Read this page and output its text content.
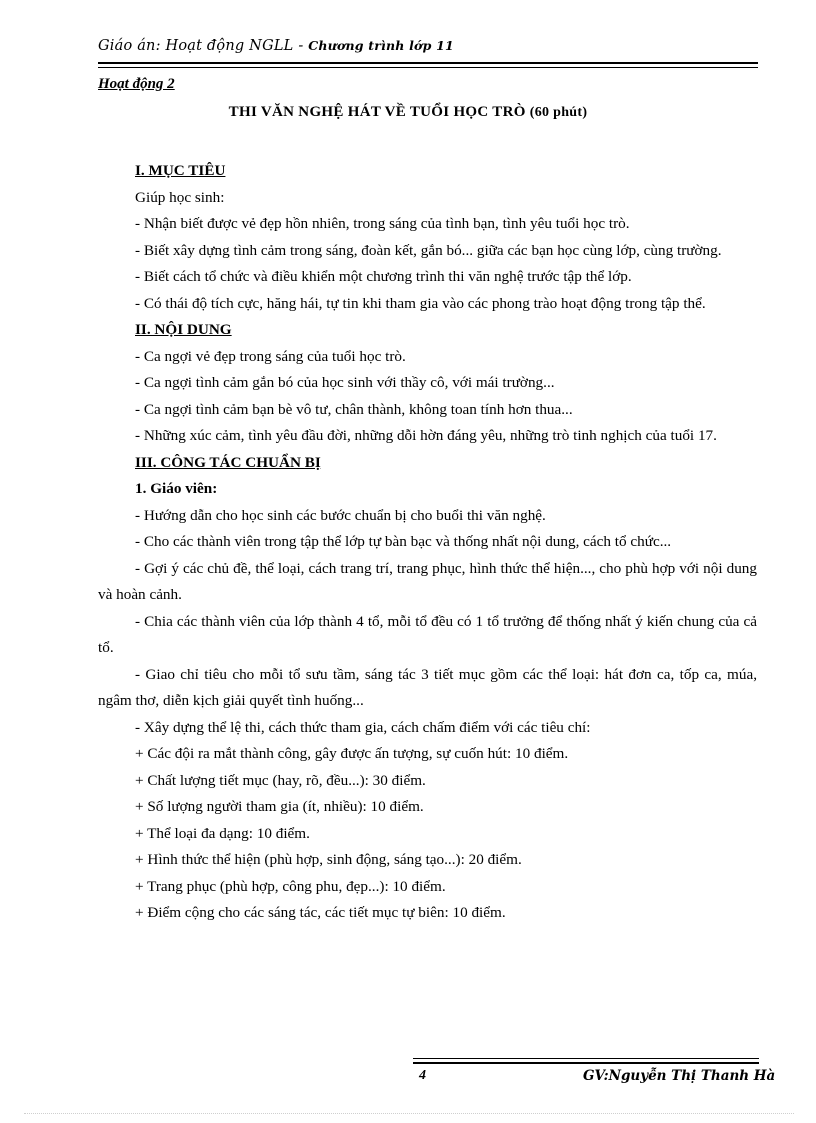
Giáo án: Hoạt động NGLL - Chương trình lớp 11
Hoạt động 2
THI VĂN NGHỆ HÁT VỀ TUỔI HỌC TRÒ (60 phút)

I. MỤC TIÊU

Giúp học sinh:

- Nhận biết được vẻ đẹp hồn nhiên, trong sáng của tình bạn, tình yêu tuổi học trò.

- Biết xây dựng tình cảm trong sáng, đoàn kết, gắn bó... giữa các bạn học cùng lớp, cùng trường.

- Biết cách tổ chức và điều khiển một chương trình thi văn nghệ trước tập thể lớp.

- Có thái độ tích cực, hăng hái, tự tin khi tham gia vào các phong trào hoạt động trong tập thể.

II. NỘI DUNG

- Ca ngợi vẻ đẹp trong sáng của tuổi học trò.

- Ca ngợi tình cảm gắn bó của học sinh với thầy cô, với mái trường...

- Ca ngợi tình cảm bạn bè vô tư, chân thành, không toan tính hơn thua...

- Những xúc cảm, tình yêu đầu đời, những dỗi hờn đáng yêu, những trò tinh nghịch của tuổi 17.

III. CÔNG TÁC CHUẨN BỊ

1. Giáo viên:

- Hướng dẫn cho học sinh các bước chuẩn bị cho buổi thi văn nghệ.

- Cho các thành viên trong tập thể lớp tự bàn bạc và thống nhất nội dung, cách tổ chức...

- Gợi ý các chủ đề, thể loại, cách trang trí, trang phục, hình thức thể hiện..., cho phù hợp với nội dung và hoàn cảnh.

- Chia các thành viên của lớp thành 4 tổ, mỗi tổ đều có 1 tổ trưởng để thống nhất ý kiến chung của cả tổ.

- Giao chỉ tiêu cho mỗi tổ sưu tầm, sáng tác 3 tiết mục gồm các thể loại: hát đơn ca, tốp ca, múa, ngâm thơ, diễn kịch giải quyết tình huống...

- Xây dựng thể lệ thi, cách thức tham gia, cách chấm điểm với các tiêu chí:

+ Các đội ra mắt thành công, gây được ấn tượng, sự cuốn hút: 10 điểm.

+ Chất lượng tiết mục (hay, rõ, đều...): 30 điểm.

+ Số lượng người tham gia (ít, nhiều): 10 điểm.

+ Thể loại đa dạng: 10 điểm.

+ Hình thức thể hiện (phù hợp, sinh động, sáng tạo...): 20 điểm.

+ Trang phục (phù hợp, công phu, đẹp...): 10 điểm.

+ Điểm cộng cho các sáng tác, các tiết mục tự biên: 10 điểm.

4	GV:Nguyễn Thị Thanh Hà
